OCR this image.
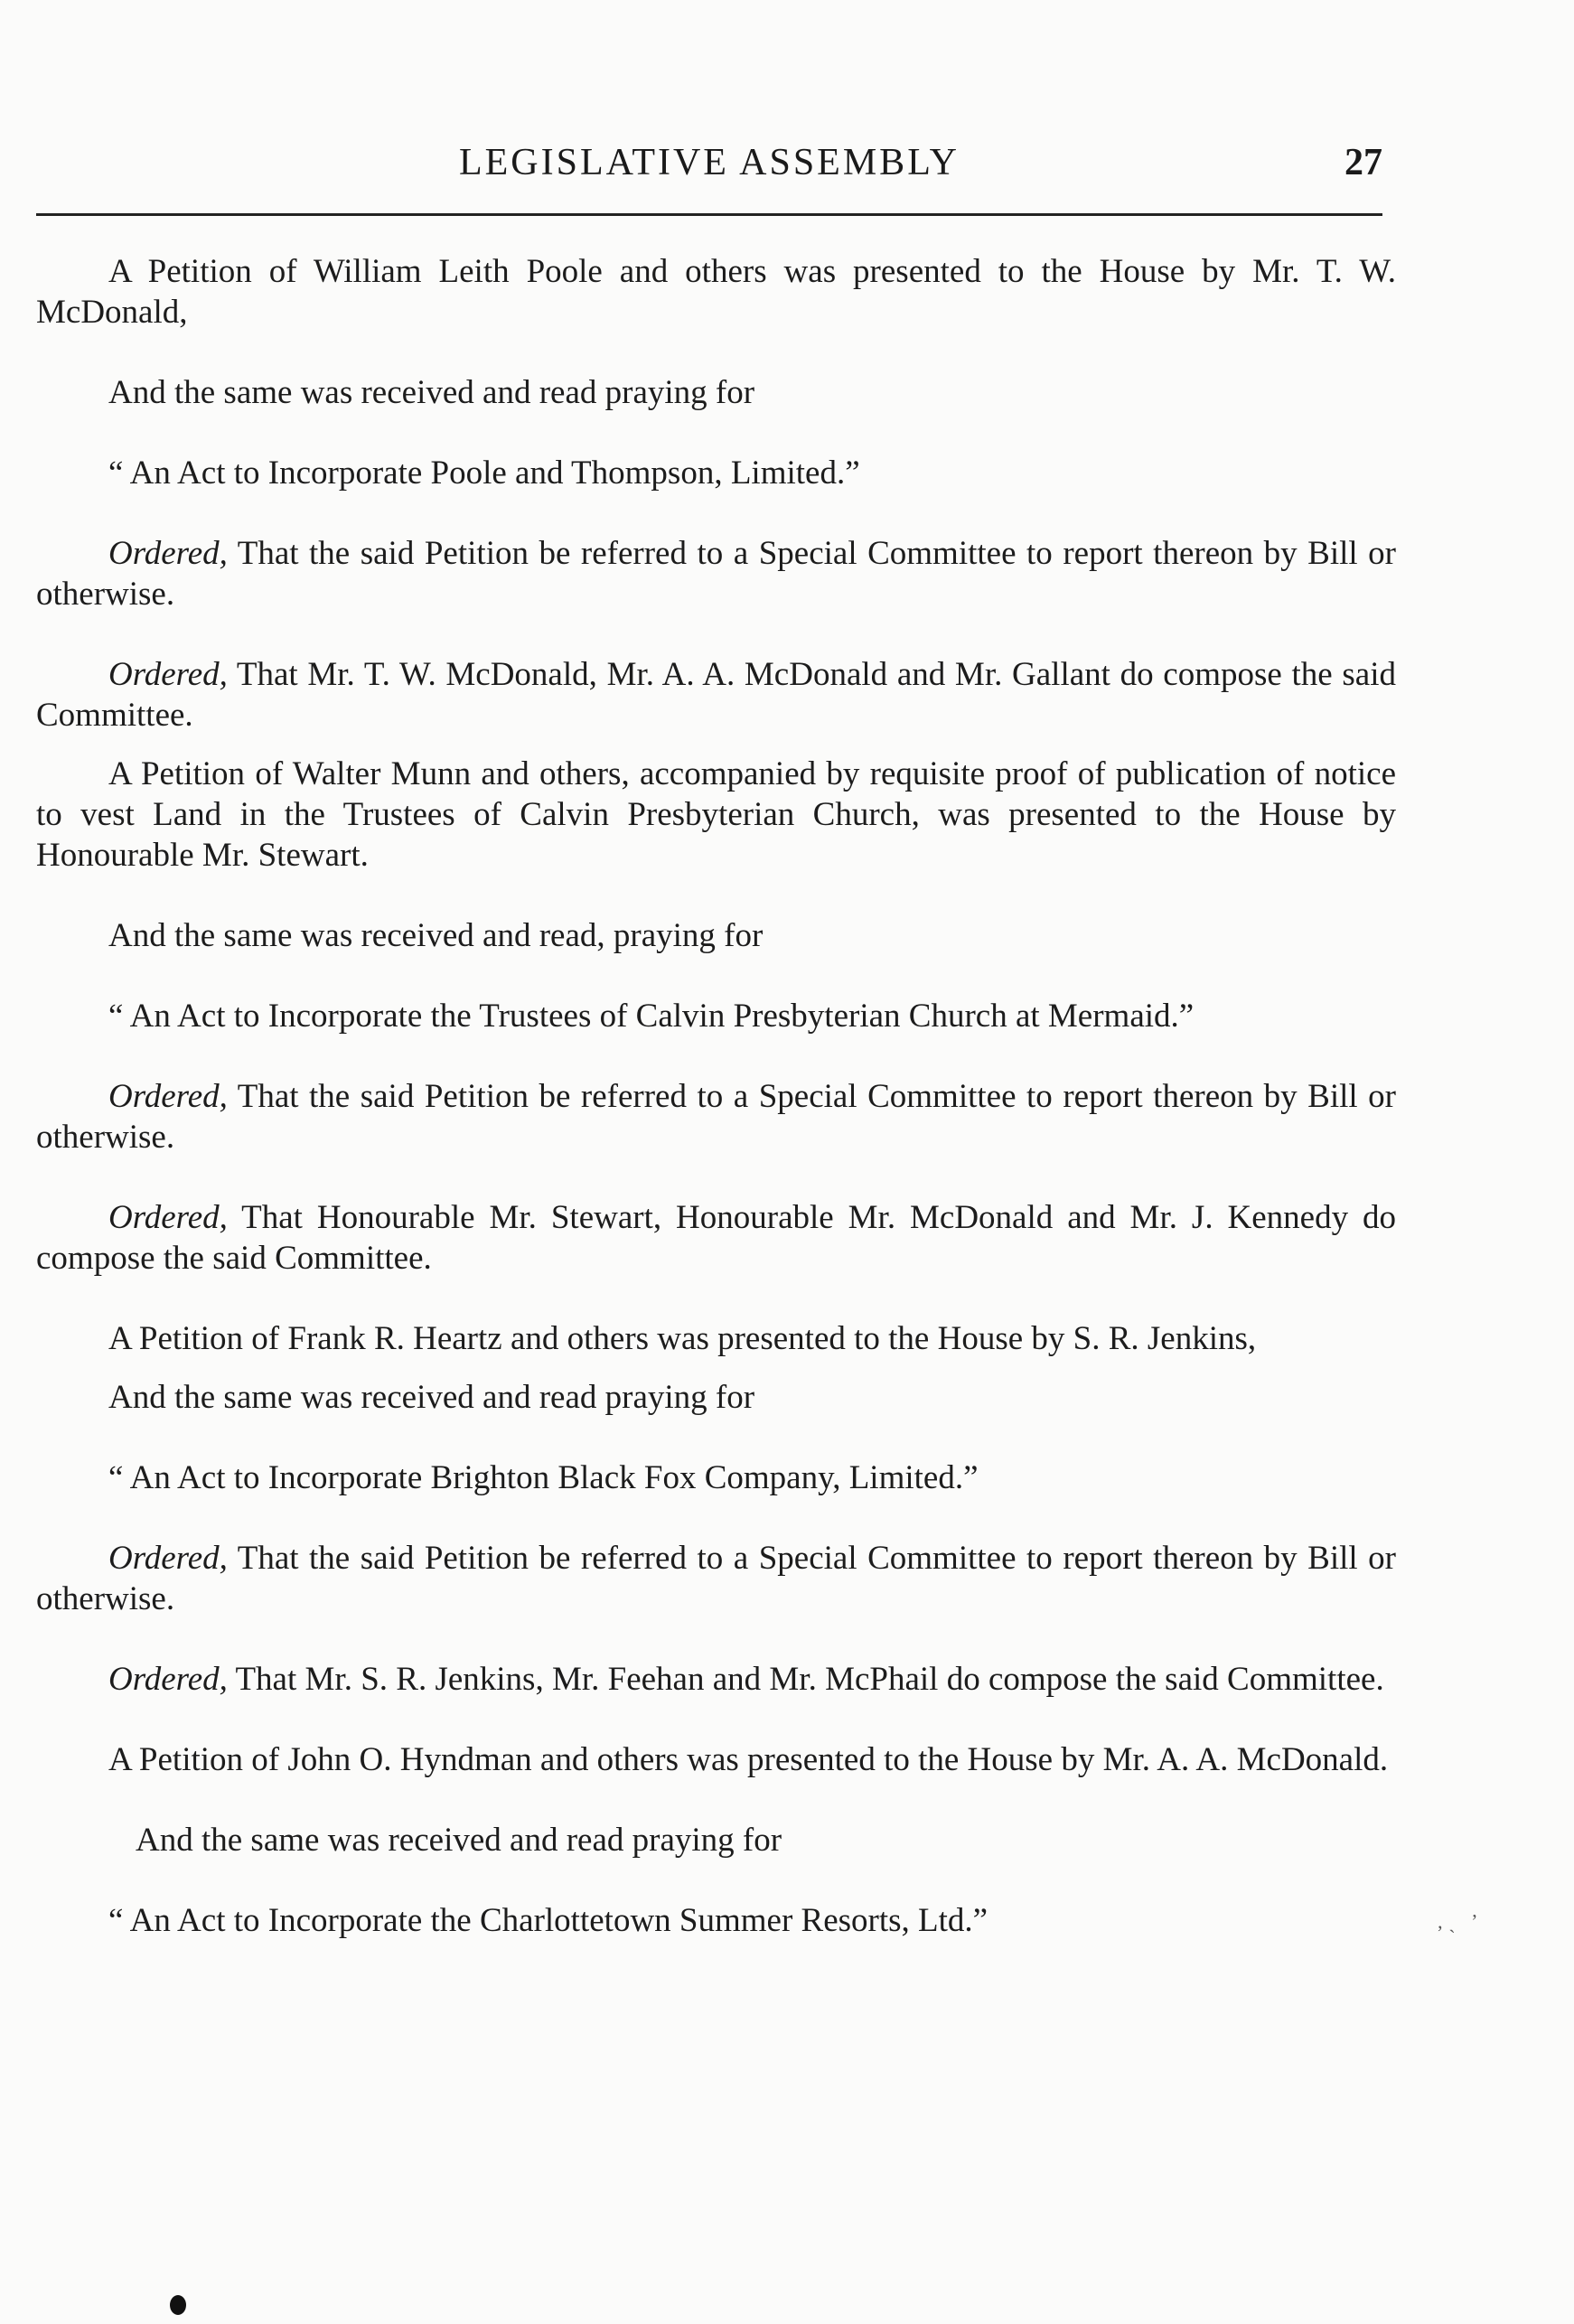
LEGISLATIVE ASSEMBLY	27

A Petition of William Leith Poole and others was presented to the House by Mr. T. W. McDonald,

And the same was received and read praying for

“ An Act to Incorporate Poole and Thompson, Limited.”

Ordered, That the said Petition be referred to a Special Committee to report thereon by Bill or otherwise.

Ordered, That Mr. T. W. McDonald, Mr. A. A. McDonald and Mr. Gallant do compose the said Committee.

A Petition of Walter Munn and others, accompanied by requisite proof of publication of notice to vest Land in the Trustees of Calvin Presbyterian Church, was presented to the House by Honourable Mr. Stewart.

And the same was received and read, praying for

“ An Act to Incorporate the Trustees of Calvin Presbyterian Church at Mermaid.”

Ordered, That the said Petition be referred to a Special Committee to report thereon by Bill or otherwise.

Ordered, That Honourable Mr. Stewart, Honourable Mr. McDonald and Mr. J. Kennedy do compose the said Committee.

A Petition of Frank R. Heartz and others was presented to the House by S. R. Jenkins,

And the same was received and read praying for

“ An Act to Incorporate Brighton Black Fox Company, Limited.”

Ordered, That the said Petition be referred to a Special Committee to report thereon by Bill or otherwise.

Ordered, That Mr. S. R. Jenkins, Mr. Feehan and Mr. McPhail do compose the said Committee.

A Petition of John O. Hyndman and others was presented to the House by Mr. A. A. McDonald.

And the same was received and read praying for

“ An Act to Incorporate the Charlottetown Summer Resorts, Ltd.”	‚ˏ ʼ
